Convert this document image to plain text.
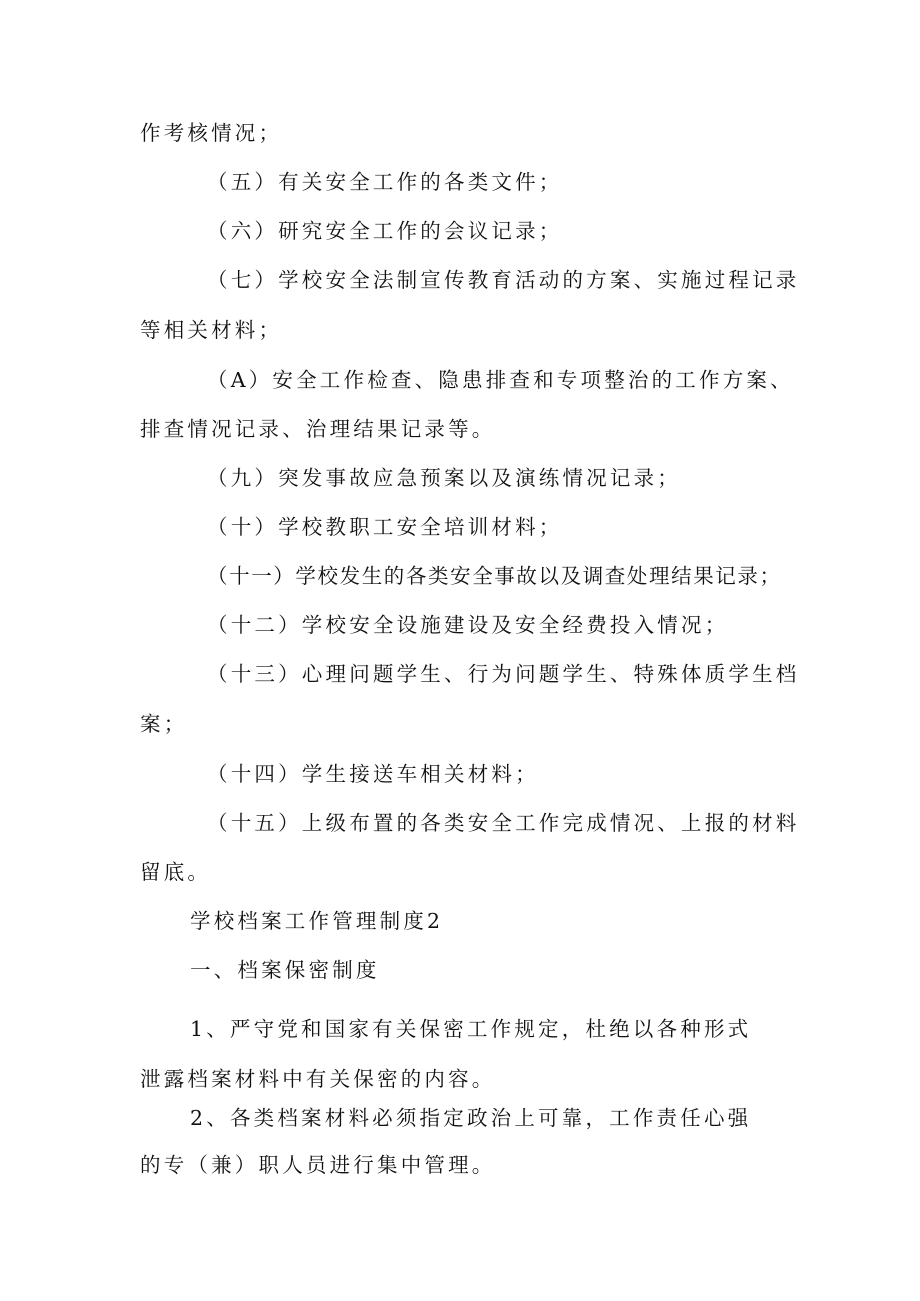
作考核情况；
（五）有关安全工作的各类文件；
（六）研究安全工作的会议记录；
（七）学校安全法制宣传教育活动的方案、实施过程记录
等相关材料；
（A）安全工作检查、隐患排查和专项整治的工作方案、
排查情况记录、治理结果记录等。
（九）突发事故应急预案以及演练情况记录；
（十）学校教职工安全培训材料；
（十一）学校发生的各类安全事故以及调查处理结果记录；
（十二）学校安全设施建设及安全经费投入情况；
（十三）心理问题学生、行为问题学生、特殊体质学生档
案；
（十四）学生接送车相关材料；
（十五）上级布置的各类安全工作完成情况、上报的材料
留底。
学校档案工作管理制度2
一、档案保密制度
1、严守党和国家有关保密工作规定，杜绝以各种形式
泄露档案材料中有关保密的内容。
2、各类档案材料必须指定政治上可靠，工作责任心强
的专（兼）职人员进行集中管理。
